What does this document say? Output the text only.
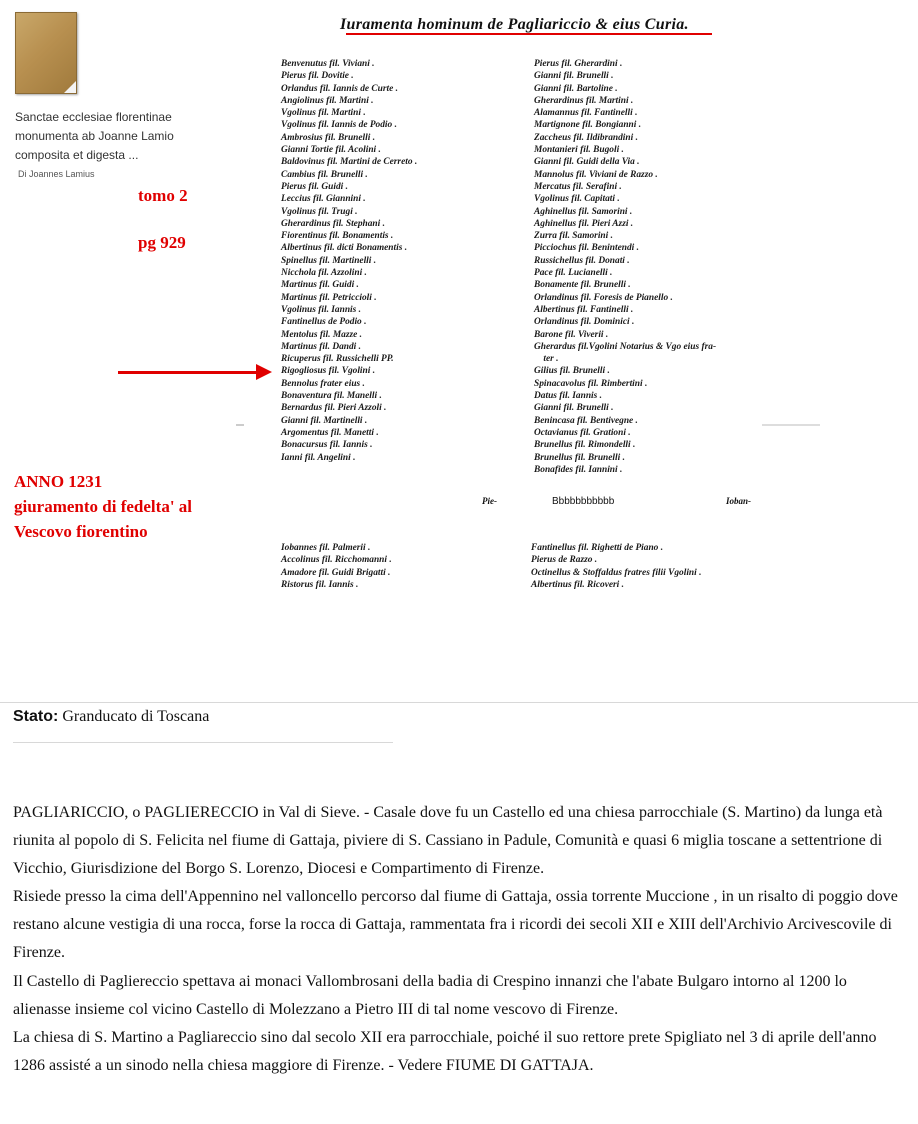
Sanctae ecclesiae florentinae monumenta ab Joanne Lamio composita et digesta ...
Di Joannes Lamius
tomo 2
pg 929
ANNO 1231
giuramento di fedelta' al
Vescovo fiorentino
Iuramenta hominum de Pagliariccio & eius Curia.
Benvenutus fil. Viviani .
Pierus fil. Dovitie .
Orlandus fil. Iannis de Curte .
Angiolinus fil. Martini .
Vgolinus fil. Martini .
Vgolinus fil. Iannis de Podio .
Ambrosius fil. Brunelli .
Gianni Tortie fil. Acolini .
Baldovinus fil. Martini de Cerreto .
Cambius fil. Brunelli .
Pierus fil. Guidi .
Leccius fil. Giannini .
Vgolinus fil. Trugi .
Gherardinus fil. Stephani .
Fiorentinus fil. Bonamentis .
Albertinus fil. dicti Bonamentis .
Spinellus fil. Martinelli .
Nicchola fil. Azzolini .
Martinus fil. Guidi .
Martinus fil. Petriccioli .
Vgolinus fil. Iannis .
Fantinellus de Podio .
Mentolus fil. Mazze .
Martinus fil. Dandi .
Ricuperus fil. Russichelli PP.
Rigogliosus fil. Vgolini .
Bennolus frater eius .
Bonaventura fil. Manelli .
Bernardus fil. Pieri Azzoli .
Gianni fil. Martinelli .
Argomentus fil. Manetti .
Bonacursus fil. Iannis .
Ianni fil. Angelini .
Pierus fil. Gherardini .
Gianni fil. Brunelli .
Gianni fil. Bartoline .
Gherardinus fil. Martini .
Alamannus fil. Fantinelli .
Martignone fil. Bongianni .
Zaccheus fil. Ildibrandini .
Montanieri fil. Bugoli .
Gianni fil. Guidi della Via .
Mannolus fil. Viviani de Razzo .
Mercatus fil. Serafini .
Vgolinus fil. Capitati .
Aghinellus fil. Samorini .
Aghinellus fil. Pieri Azzi .
Zurra fil. Samorini .
Picciochus fil. Benintendi .
Russichellus fil. Donati .
Pace fil. Lucianelli .
Bonamente fil. Brunelli .
Orlandinus fil. Foresis de Pianello .
Albertinus fil. Fantinelli .
Orlandinus fil. Dominici .
Barone fil. Viverii .
Gherardus fil.Vgolini Notarius & Vgo eius fra-
ter .
Gilius fil. Brunelli .
Spinacavolus fil. Rimbertini .
Datus fil. Iannis .
Gianni fil. Brunelli .
Benincasa fil. Bentivegne .
Octavianus fil. Grationi .
Brunellus fil. Rimondelli .
Brunellus fil. Brunelli .
Bonafides fil. Iannini .
Pie-	Bbbbbbbbbbb	Ioban-
Iobannes fil. Palmerii .
Accolinus fil. Ricchomanni .
Amadore fil. Guidi Brigatti .
Ristorus fil. Iannis .
Fantinellus fil. Righetti de Piano .
Pierus de Razzo .
Octinellus & Stoffaldus fratres filii Vgolini .
Albertinus fil. Ricoveri .
Stato: Granducato di Toscana

PAGLIARICCIO, o PAGLIERECCIO in Val di Sieve. - Casale dove fu un Castello ed una chiesa parrocchiale (S. Martino) da lunga età riunita al popolo di S. Felicita nel fiume di Gattaja, piviere di S. Cassiano in Padule, Comunità e quasi 6 miglia toscane a settentrione di Vicchio, Giurisdizione del Borgo S. Lorenzo, Diocesi e Compartimento di Firenze.

Risiede presso la cima dell'Appennino nel valloncello percorso dal fiume di Gattaja, ossia torrente Muccione , in un risalto di poggio dove restano alcune vestigia di una rocca, forse la rocca di Gattaja, rammentata fra i ricordi dei secoli XII e XIII dell'Archivio Arcivescovile di Firenze.

Il Castello di Pagliereccio spettava ai monaci Vallombrosani della badia di Crespino innanzi che l'abate Bulgaro intorno al 1200 lo alienasse insieme col vicino Castello di Molezzano a Pietro III di tal nome vescovo di Firenze.

La chiesa di S. Martino a Pagliareccio sino dal secolo XII era parrocchiale, poiché il suo rettore prete Spigliato nel 3 di aprile dell'anno 1286 assisté a un sinodo nella chiesa maggiore di Firenze. - Vedere FIUME DI GATTAJA.
